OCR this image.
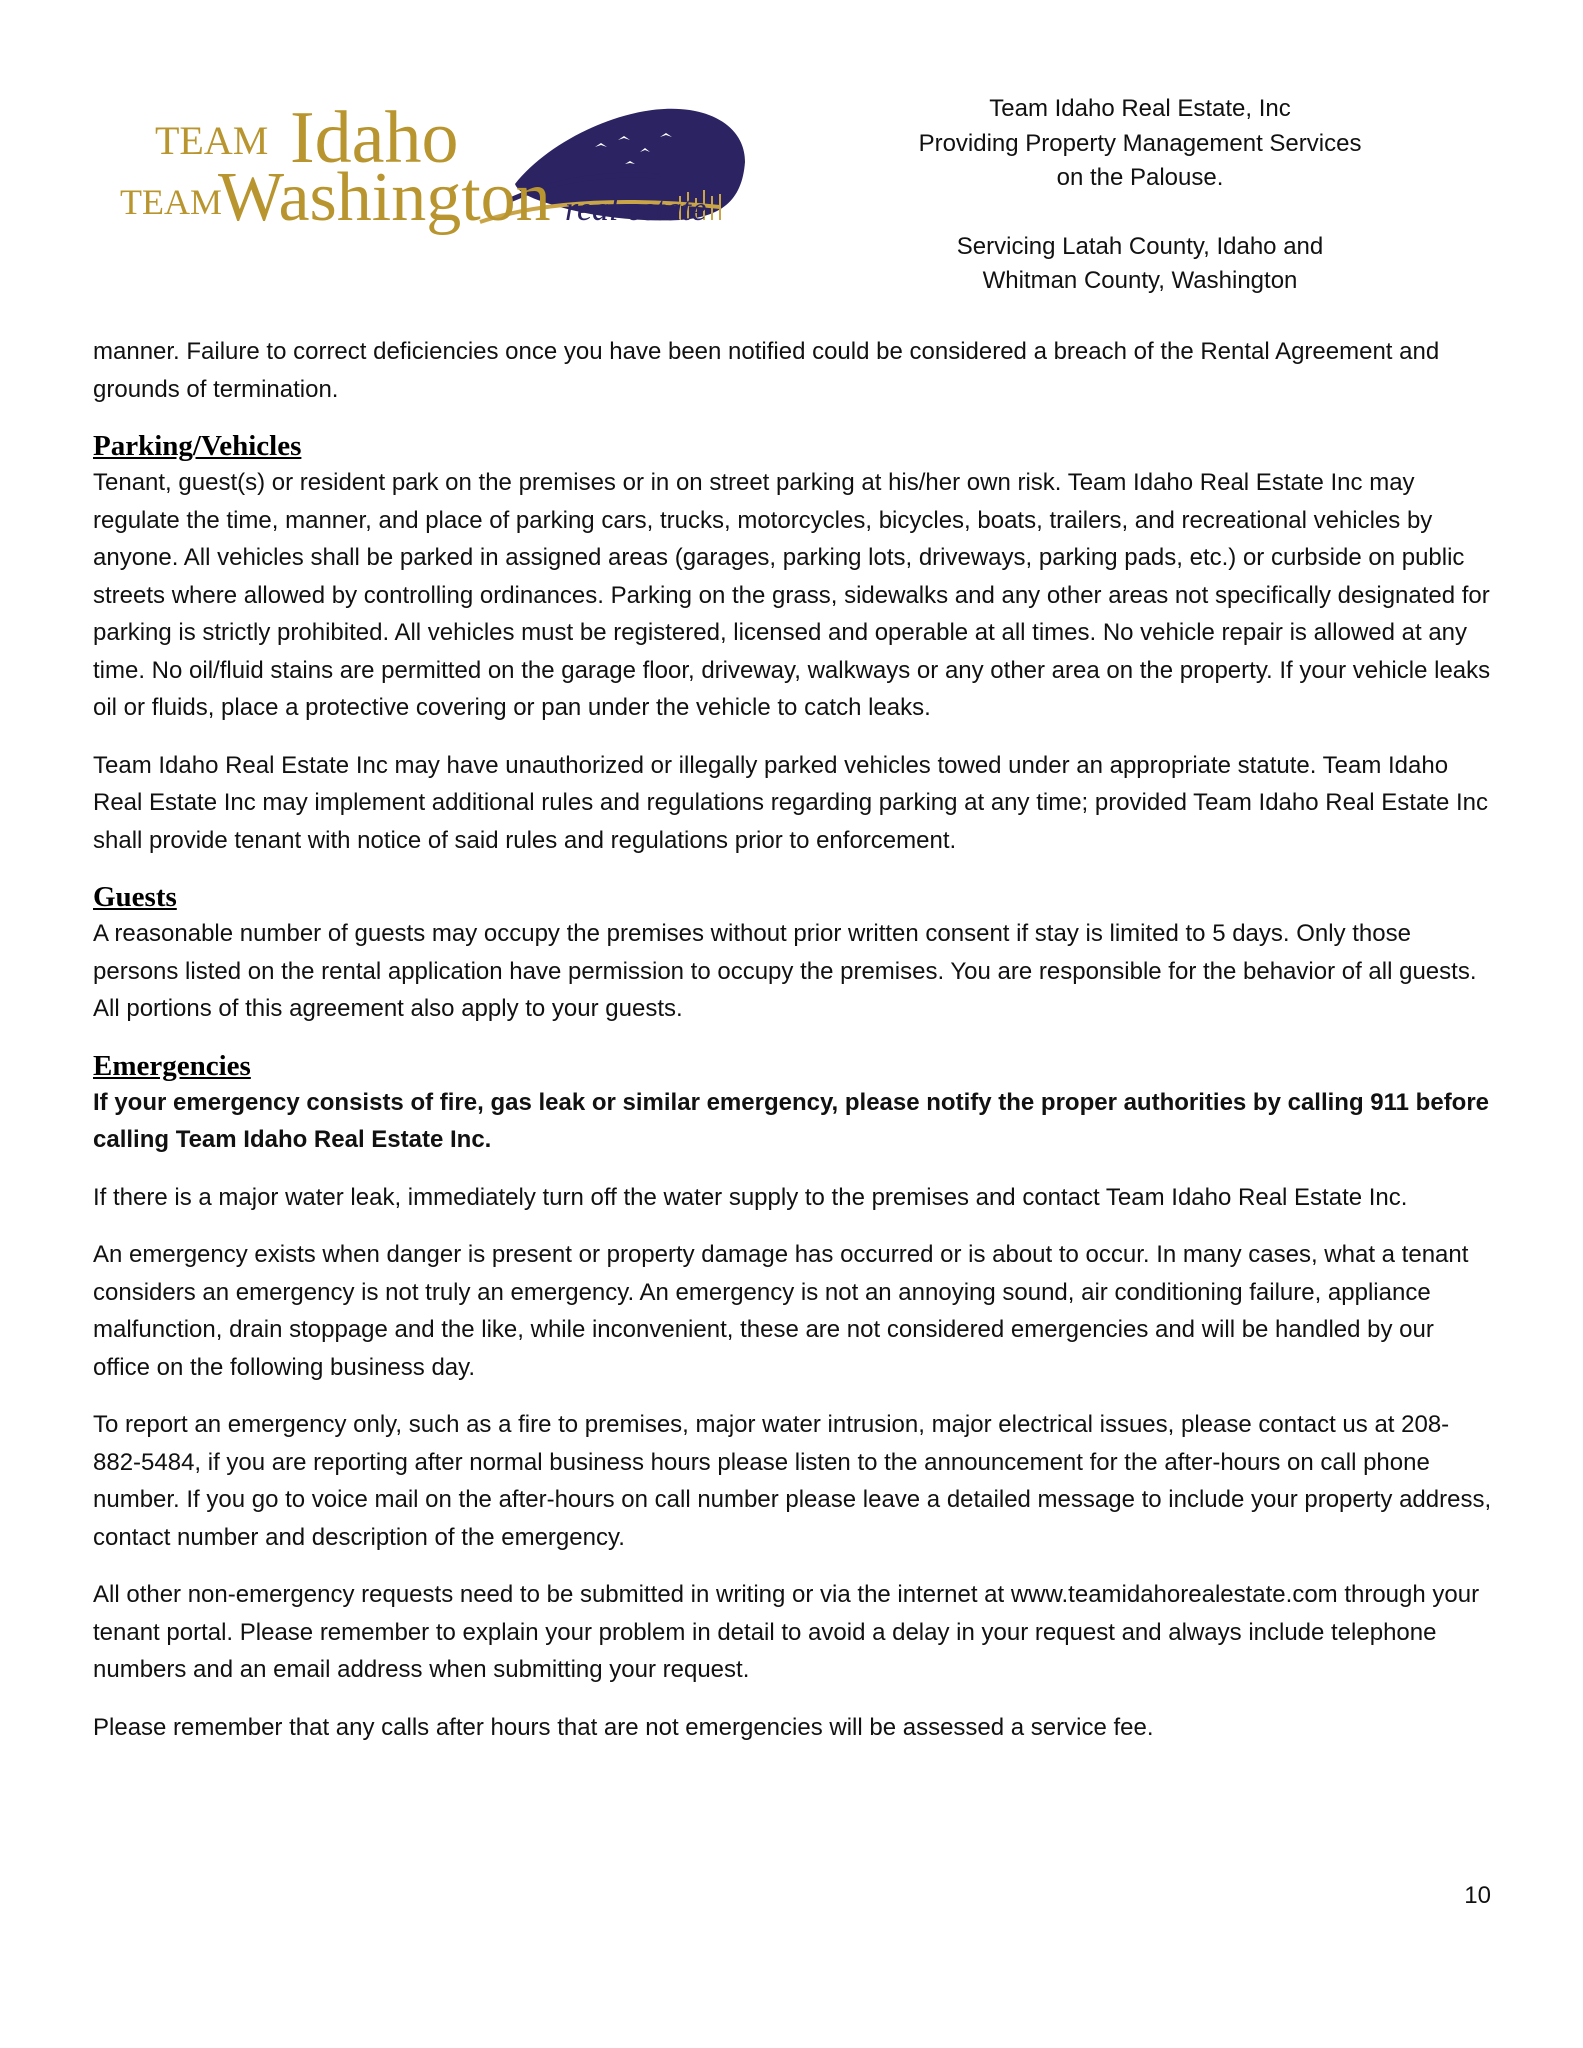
TEAM Idaho
TEAM
Washington real estate
Team Idaho Real Estate, Inc
Providing Property Management Services
on the Palouse.
Servicing Latah County, Idaho and
Whitman County, Washington

manner. Failure to correct deficiencies once you have been notified could be considered a breach of the Rental Agreement and grounds of termination.

Parking/Vehicles

Tenant, guest(s) or resident park on the premises or in on street parking at his/her own risk. Team Idaho Real Estate Inc may regulate the time, manner, and place of parking cars, trucks, motorcycles, bicycles, boats, trailers, and recreational vehicles by anyone. All vehicles shall be parked in assigned areas (garages, parking lots, driveways, parking pads, etc.) or curbside on public streets where allowed by controlling ordinances. Parking on the grass, sidewalks and any other areas not specifically designated for parking is strictly prohibited. All vehicles must be registered, licensed and operable at all times. No vehicle repair is allowed at any time. No oil/fluid stains are permitted on the garage floor, driveway, walkways or any other area on the property. If your vehicle leaks oil or fluids, place a protective covering or pan under the vehicle to catch leaks.

Team Idaho Real Estate Inc may have unauthorized or illegally parked vehicles towed under an appropriate statute. Team Idaho Real Estate Inc may implement additional rules and regulations regarding parking at any time; provided Team Idaho Real Estate Inc shall provide tenant with notice of said rules and regulations prior to enforcement.

Guests

A reasonable number of guests may occupy the premises without prior written consent if stay is limited to 5 days. Only those persons listed on the rental application have permission to occupy the premises. You are responsible for the behavior of all guests. All portions of this agreement also apply to your guests.

Emergencies

If your emergency consists of fire, gas leak or similar emergency, please notify the proper authorities by calling 911 before calling Team Idaho Real Estate Inc.

If there is a major water leak, immediately turn off the water supply to the premises and contact Team Idaho Real Estate Inc.

An emergency exists when danger is present or property damage has occurred or is about to occur. In many cases, what a tenant considers an emergency is not truly an emergency. An emergency is not an annoying sound, air conditioning failure, appliance malfunction, drain stoppage and the like, while inconvenient, these are not considered emergencies and will be handled by our office on the following business day.

To report an emergency only, such as a fire to premises, major water intrusion, major electrical issues, please contact us at 208-882-5484, if you are reporting after normal business hours please listen to the announcement for the after-hours on call phone number. If you go to voice mail on the after-hours on call number please leave a detailed message to include your property address, contact number and description of the emergency.

All other non-emergency requests need to be submitted in writing or via the internet at www.teamidahorealestate.com through your tenant portal. Please remember to explain your problem in detail to avoid a delay in your request and always include telephone numbers and an email address when submitting your request.

Please remember that any calls after hours that are not emergencies will be assessed a service fee.

10
